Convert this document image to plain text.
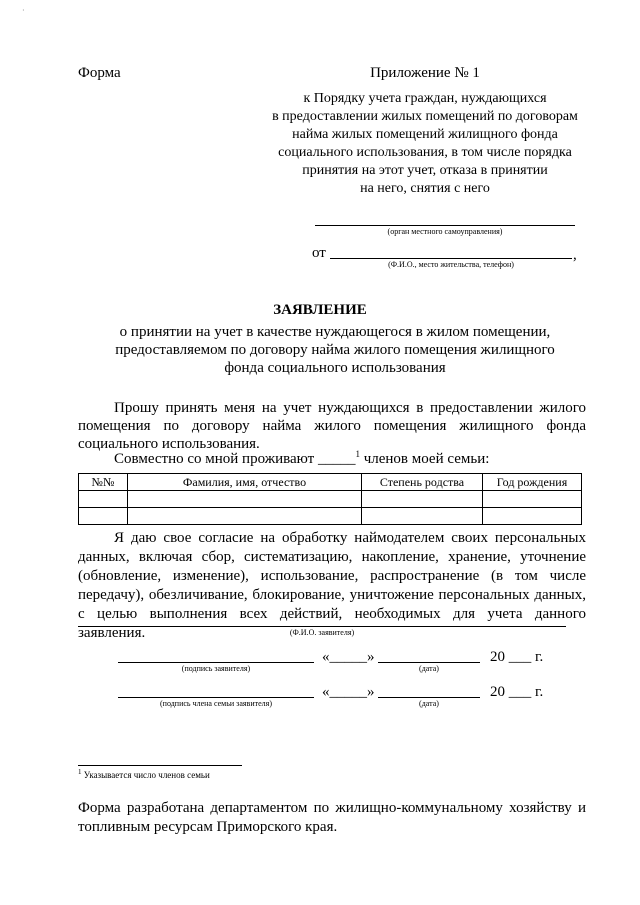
·
Форма	Приложение № 1
к Порядку учета граждан, нуждающихся
в предоставлении жилых помещений по договорам
найма жилых помещений жилищного фонда
социального использования, в том числе порядка
принятия на этот учет, отказа в принятии
на него, снятия с него
(орган местного самоуправления)
от	,
(Ф.И.О., место жительства, телефон)
ЗАЯВЛЕНИЕ
о принятии на учет в качестве нуждающегося в жилом помещении, предоставляемом по договору найма жилого помещения жилищного фонда социального использования
Прошу принять меня на учет нуждающихся в предоставлении жилого помещения по договору найма жилого помещения жилищного фонда социального использования.
Совместно со мной проживают _____$^1$ членов моей семьи:
№№	Фамилия, имя, отчество	Степень родства	Год рождения

Я даю свое согласие на обработку наймодателем своих персональных данных, включая сбор, систематизацию, накопление, хранение, уточнение (обновление, изменение), использование, распространение (в том числе передачу), обезличивание, блокирование, уничтожение персональных данных, с целью выполнения всех действий, необходимых для учета данного заявления.	(Ф.И.О. заявителя)
(подпись заявителя)
«_____»
(дата)
20 ___ г.
(подпись члена семьи заявителя)
«_____»
(дата)
20 ___ г.
$^1$ Указывается число членов семьи
Форма разработана департаментом по жилищно-коммунальному хозяйству и топливным ресурсам Приморского края.
